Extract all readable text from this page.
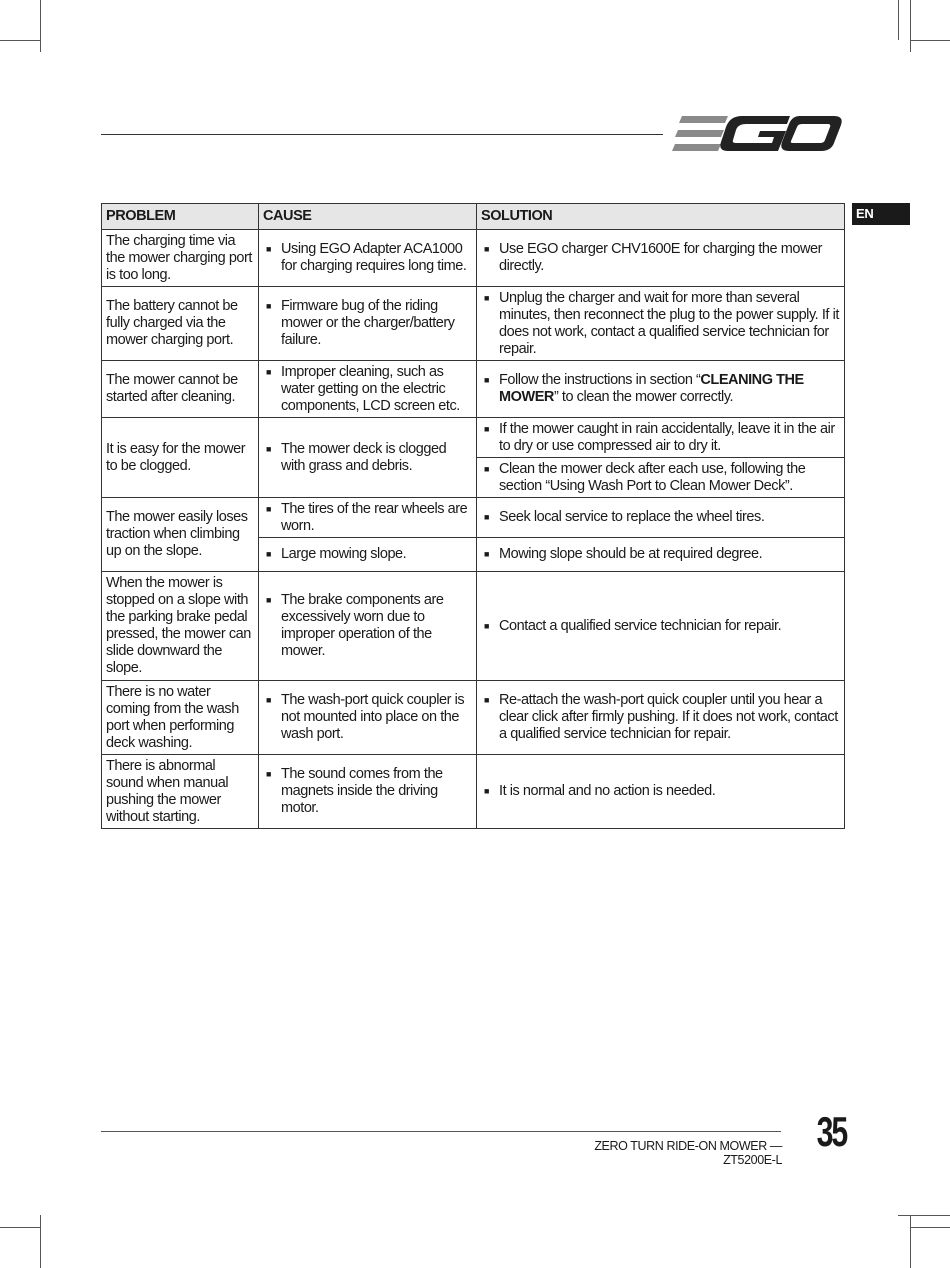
EGO
EN
PROBLEM	CAUSE	SOLUTION
The charging time via the mower charging port is too long.	■ Using EGO Adapter ACA1000 for charging requires long time.	■ Use EGO charger CHV1600E for charging the mower directly.

The battery cannot be fully charged via the mower charging port.	■ Firmware bug of the riding mower or the charger/battery failure.	■ Unplug the charger and wait for more than several minutes, then reconnect the plug to the power supply. If it does not work, contact a qualified service technician for repair.

The mower cannot be started after cleaning.	■ Improper cleaning, such as water getting on the electric components, LCD screen etc.	■ Follow the instructions in section “CLEANING THE MOWER” to clean the mower correctly.

It is easy for the mower to be clogged.	■ The mower deck is clogged with grass and debris.	■ If the mower caught in rain accidentally, leave it in the air to dry or use compressed air to dry it.

		■ Clean the mower deck after each use, following the section “Using Wash Port to Clean Mower Deck”.

The mower easily loses traction when climbing up on the slope.	■ The tires of the rear wheels are worn.	■ Seek local service to replace the wheel tires.

	■ Large mowing slope.	■ Mowing slope should be at required degree.

When the mower is stopped on a slope with the parking brake pedal pressed, the mower can slide downward the slope.	■ The brake components are excessively worn due to improper operation of the mower.	■ Contact a qualified service technician for repair.

There is no water coming from the wash port when performing deck washing.	■ The wash-port quick coupler is not mounted into place on the wash port.	■ Re-attach the wash-port quick coupler until you hear a clear click after firmly pushing. If it does not work, contact a qualified service technician for repair.

There is abnormal sound when manual pushing the mower without starting.	■ The sound comes from the magnets inside the driving motor.	■ It is normal and no action is needed.
ZERO TURN RIDE-ON MOWER — ZT5200E-L
35
